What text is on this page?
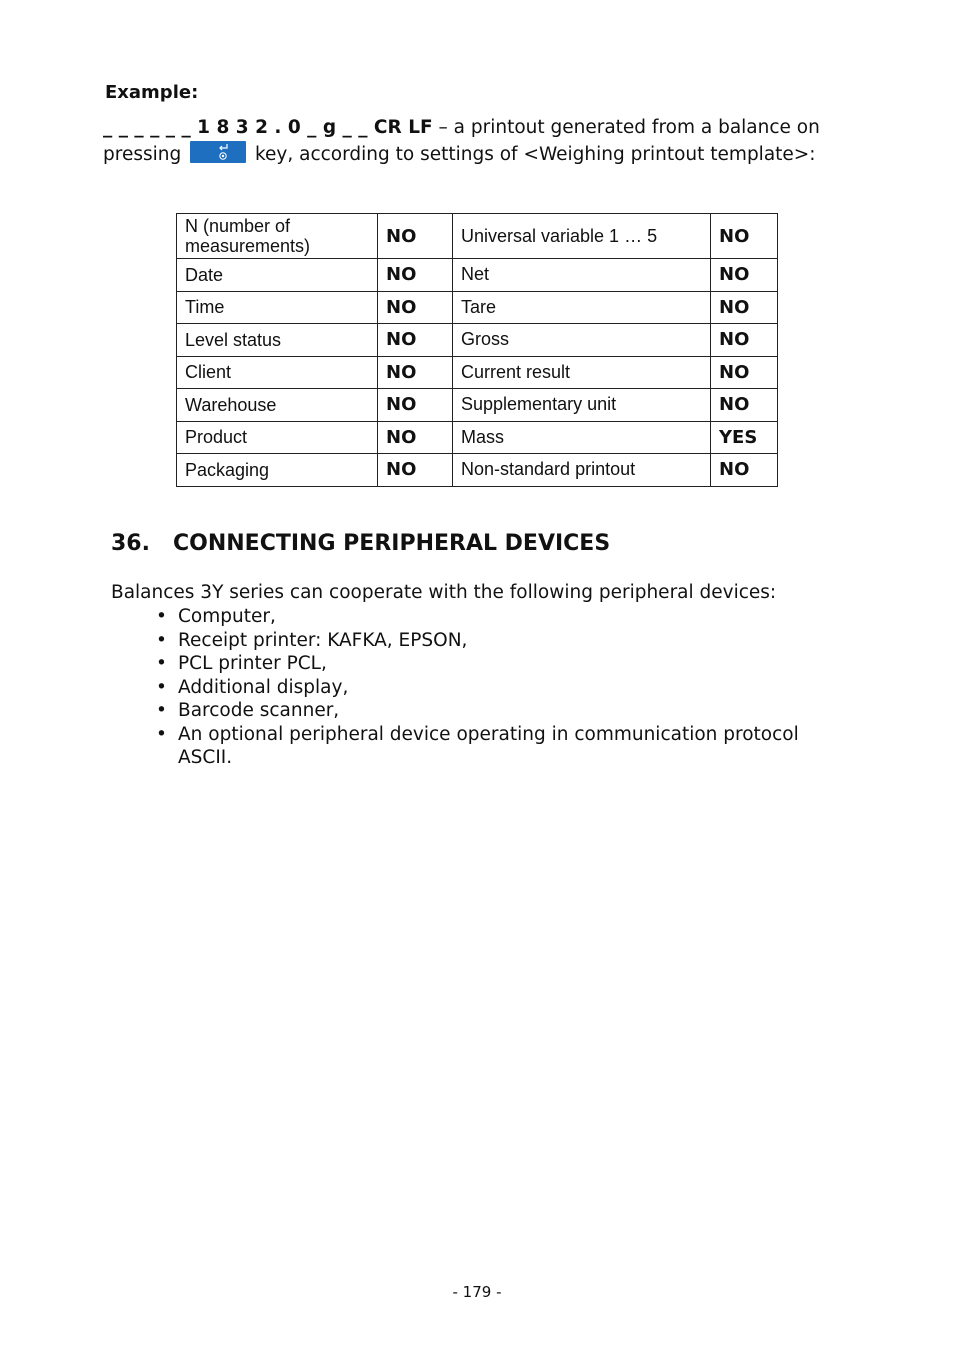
Example:
_ _ _ _ _ _ 1 8 3 2 . 0 _ g _ _ CR LF – a printout generated from a balance on pressing	key, according to settings of <Weighing printout template>:
N (number of measurements)	NO	Universal variable 1 … 5	NO
Date	NO	Net	NO
Time	NO	Tare	NO
Level status	NO	Gross	NO
Client	NO	Current result	NO
Warehouse	NO	Supplementary unit	NO
Product	NO	Mass	YES
Packaging	NO	Non-standard printout	NO
36. CONNECTING PERIPHERAL DEVICES
Balances 3Y series can cooperate with the following peripheral devices:
• Computer,
• Receipt printer: KAFKA, EPSON,
• PCL printer PCL,
• Additional display,
• Barcode scanner,
• An optional peripheral device operating in communication protocol ASCII.
- 179 -
